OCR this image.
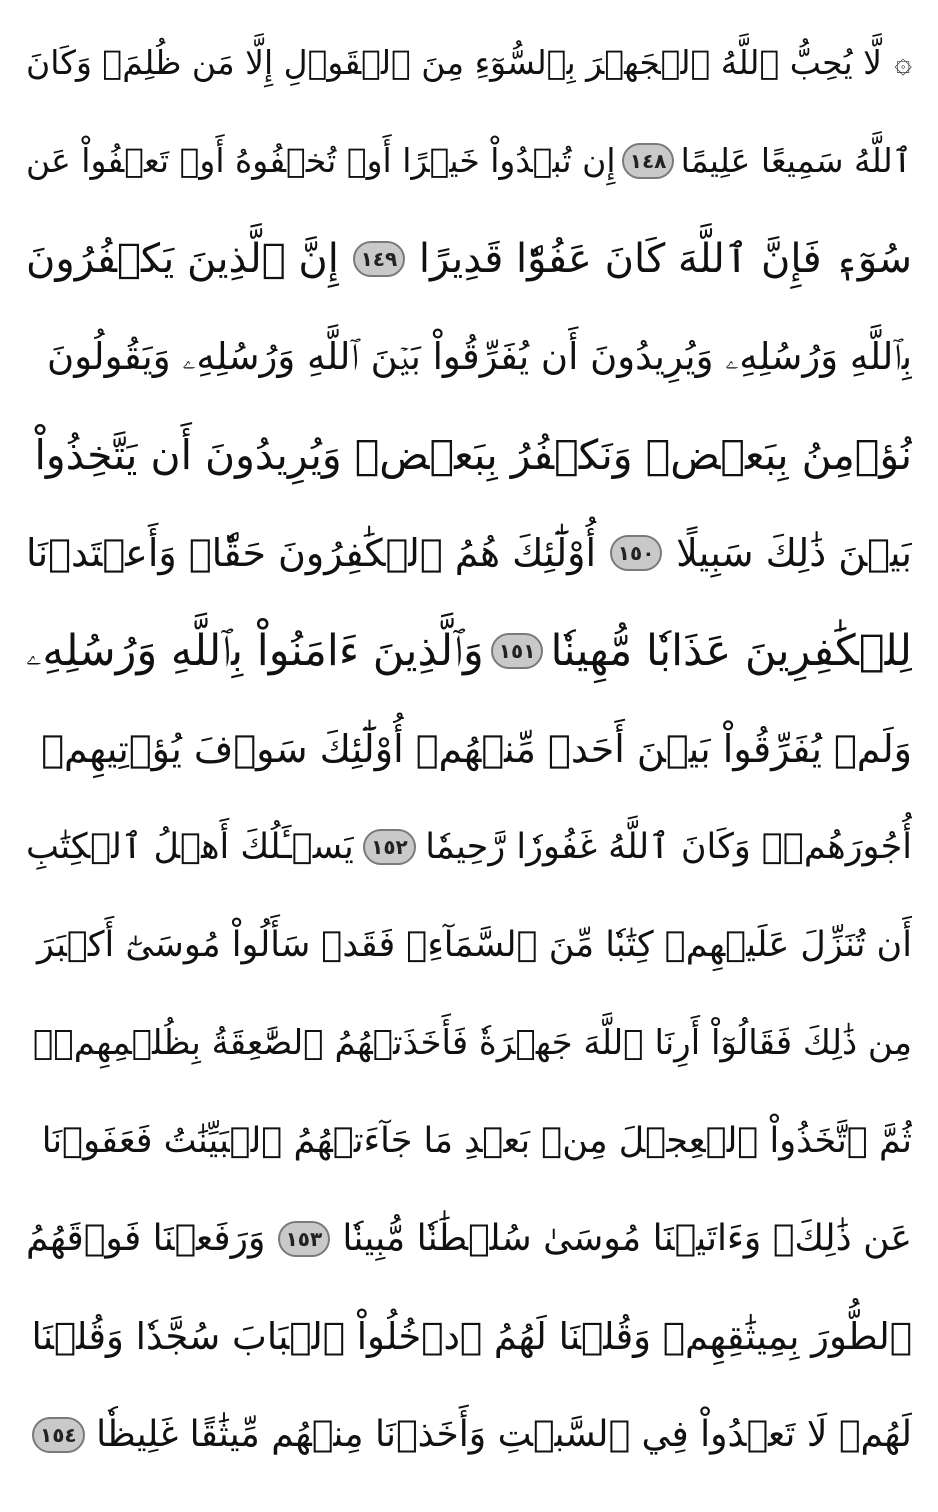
۞
لَّا يُحِبُّ ٱللَّهُ ٱلۡجَهۡرَ بِٱلسُّوٓءِ مِنَ ٱلۡقَوۡلِ إِلَّا مَن ظُلِمَۚ وَكَانَ
ٱللَّهُ سَمِيعًا عَلِيمًا
١٤٨
إِن تُبۡدُواْ خَيۡرًا أَوۡ تُخۡفُوهُ أَوۡ تَعۡفُواْ عَن
سُوٓءٖ فَإِنَّ ٱللَّهَ كَانَ عَفُوّٗا قَدِيرًا
١٤٩
إِنَّ ٱلَّذِينَ يَكۡفُرُونَ
بِٱللَّهِ وَرُسُلِهِۦ وَيُرِيدُونَ أَن يُفَرِّقُواْ بَيۡنَ ٱللَّهِ وَرُسُلِهِۦ وَيَقُولُونَ
نُؤۡمِنُ بِبَعۡضٖ وَنَكۡفُرُ بِبَعۡضٖ وَيُرِيدُونَ أَن يَتَّخِذُواْ
بَيۡنَ ذَٰلِكَ سَبِيلًا
١٥٠
أُوْلَٰٓئِكَ هُمُ ٱلۡكَٰفِرُونَ حَقّٗاۚ وَأَعۡتَدۡنَا
لِلۡكَٰفِرِينَ عَذَابٗا مُّهِينٗا
١٥١
وَٱلَّذِينَ ءَامَنُواْ بِٱللَّهِ وَرُسُلِهِۦ
وَلَمۡ يُفَرِّقُواْ بَيۡنَ أَحَدٖ مِّنۡهُمۡ أُوْلَٰٓئِكَ سَوۡفَ يُؤۡتِيهِمۡ
أُجُورَهُمۡۚ وَكَانَ ٱللَّهُ غَفُورٗا رَّحِيمٗا
١٥٢
يَسۡـَٔلُكَ أَهۡلُ ٱلۡكِتَٰبِ
أَن تُنَزِّلَ عَلَيۡهِمۡ كِتَٰبٗا مِّنَ ٱلسَّمَآءِۚ فَقَدۡ سَأَلُواْ مُوسَىٰٓ أَكۡبَرَ
مِن ذَٰلِكَ فَقَالُوٓاْ أَرِنَا ٱللَّهَ جَهۡرَةٗ فَأَخَذَتۡهُمُ ٱلصَّٰعِقَةُ بِظُلۡمِهِمۡۚ
ثُمَّ ٱتَّخَذُواْ ٱلۡعِجۡلَ مِنۢ بَعۡدِ مَا جَآءَتۡهُمُ ٱلۡبَيِّنَٰتُ فَعَفَوۡنَا
عَن ذَٰلِكَۚ وَءَاتَيۡنَا مُوسَىٰ سُلۡطَٰنٗا مُّبِينٗا
١٥٣
وَرَفَعۡنَا فَوۡقَهُمُ
ٱلطُّورَ بِمِيثَٰقِهِمۡ وَقُلۡنَا لَهُمُ ٱدۡخُلُواْ ٱلۡبَابَ سُجَّدٗا وَقُلۡنَا
لَهُمۡ لَا تَعۡدُواْ فِي ٱلسَّبۡتِ وَأَخَذۡنَا مِنۡهُم مِّيثَٰقًا غَلِيظٗا
١٥٤
